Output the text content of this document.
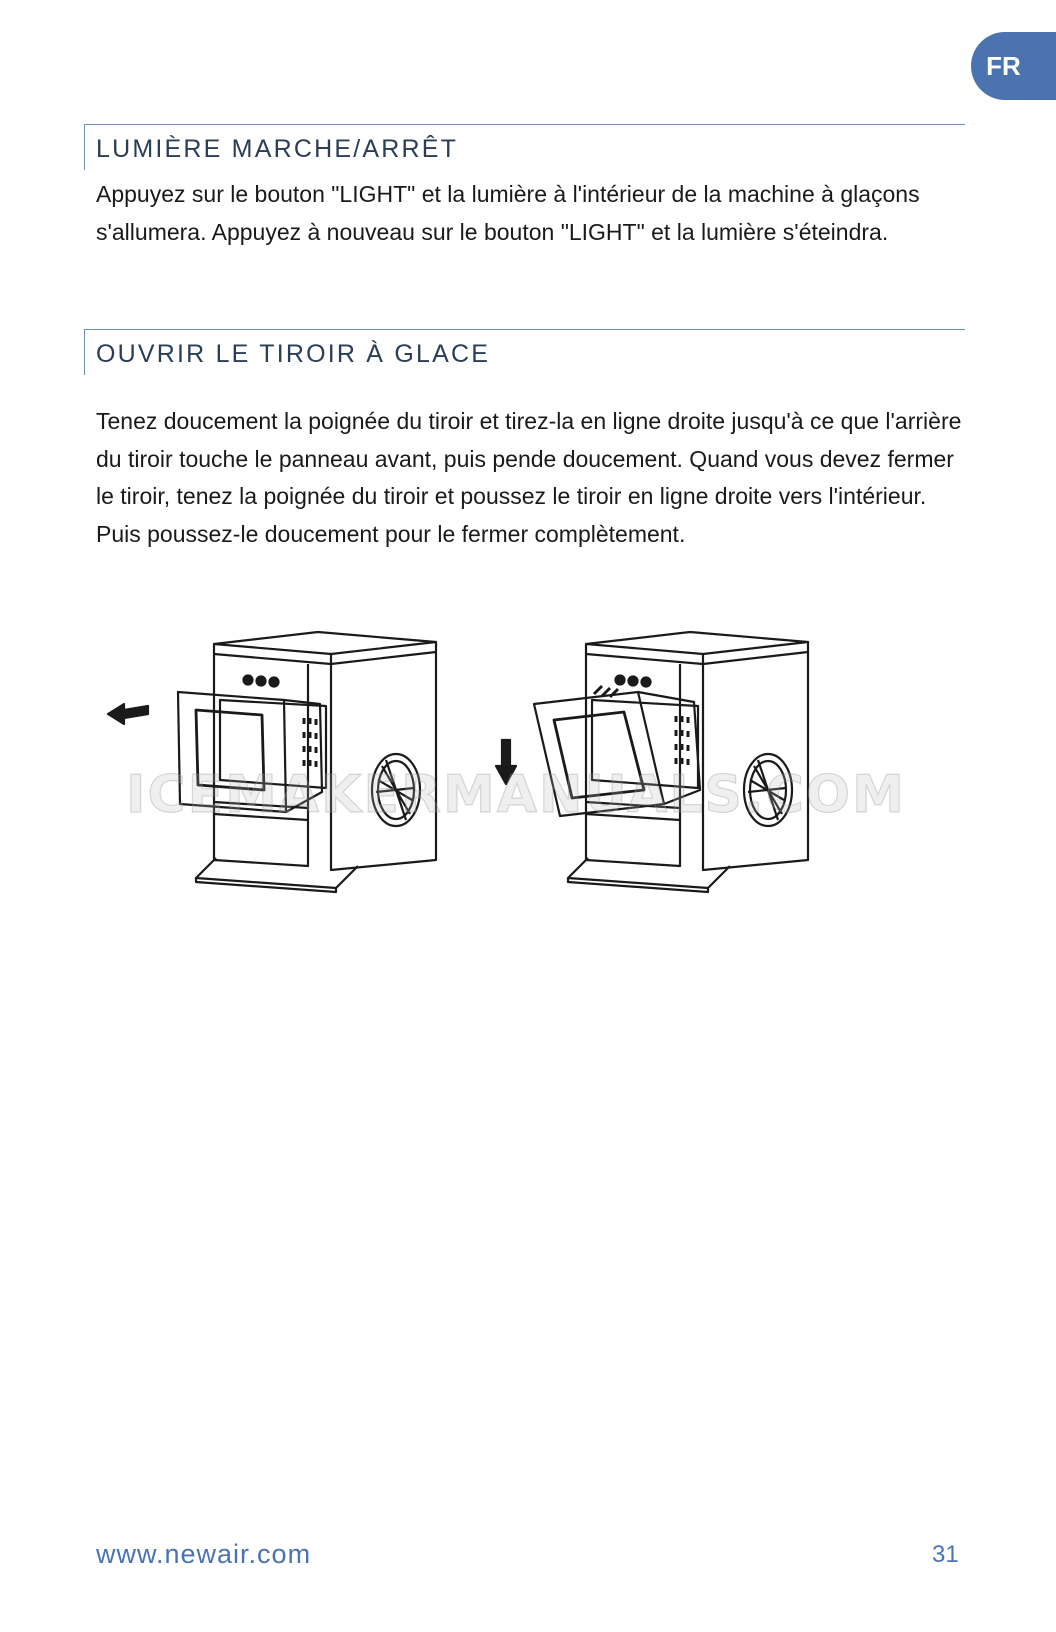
FR
LUMIÈRE MARCHE/ARRÊT
Appuyez sur le bouton "LIGHT" et la lumière à l'intérieur de la machine à glaçons s'allumera. Appuyez à nouveau sur le bouton "LIGHT" et la lumière s'éteindra.
OUVRIR LE TIROIR À GLACE
Tenez doucement la poignée du tiroir et tirez-la en ligne droite jusqu'à ce que l'arrière du tiroir touche le panneau avant, puis pende doucement. Quand vous devez fermer le tiroir, tenez la poignée du tiroir et poussez le tiroir en ligne droite vers l'intérieur. Puis poussez-le doucement pour le fermer complètement.
ICEMAKERMANUALS.COM
www.newair.com	31
